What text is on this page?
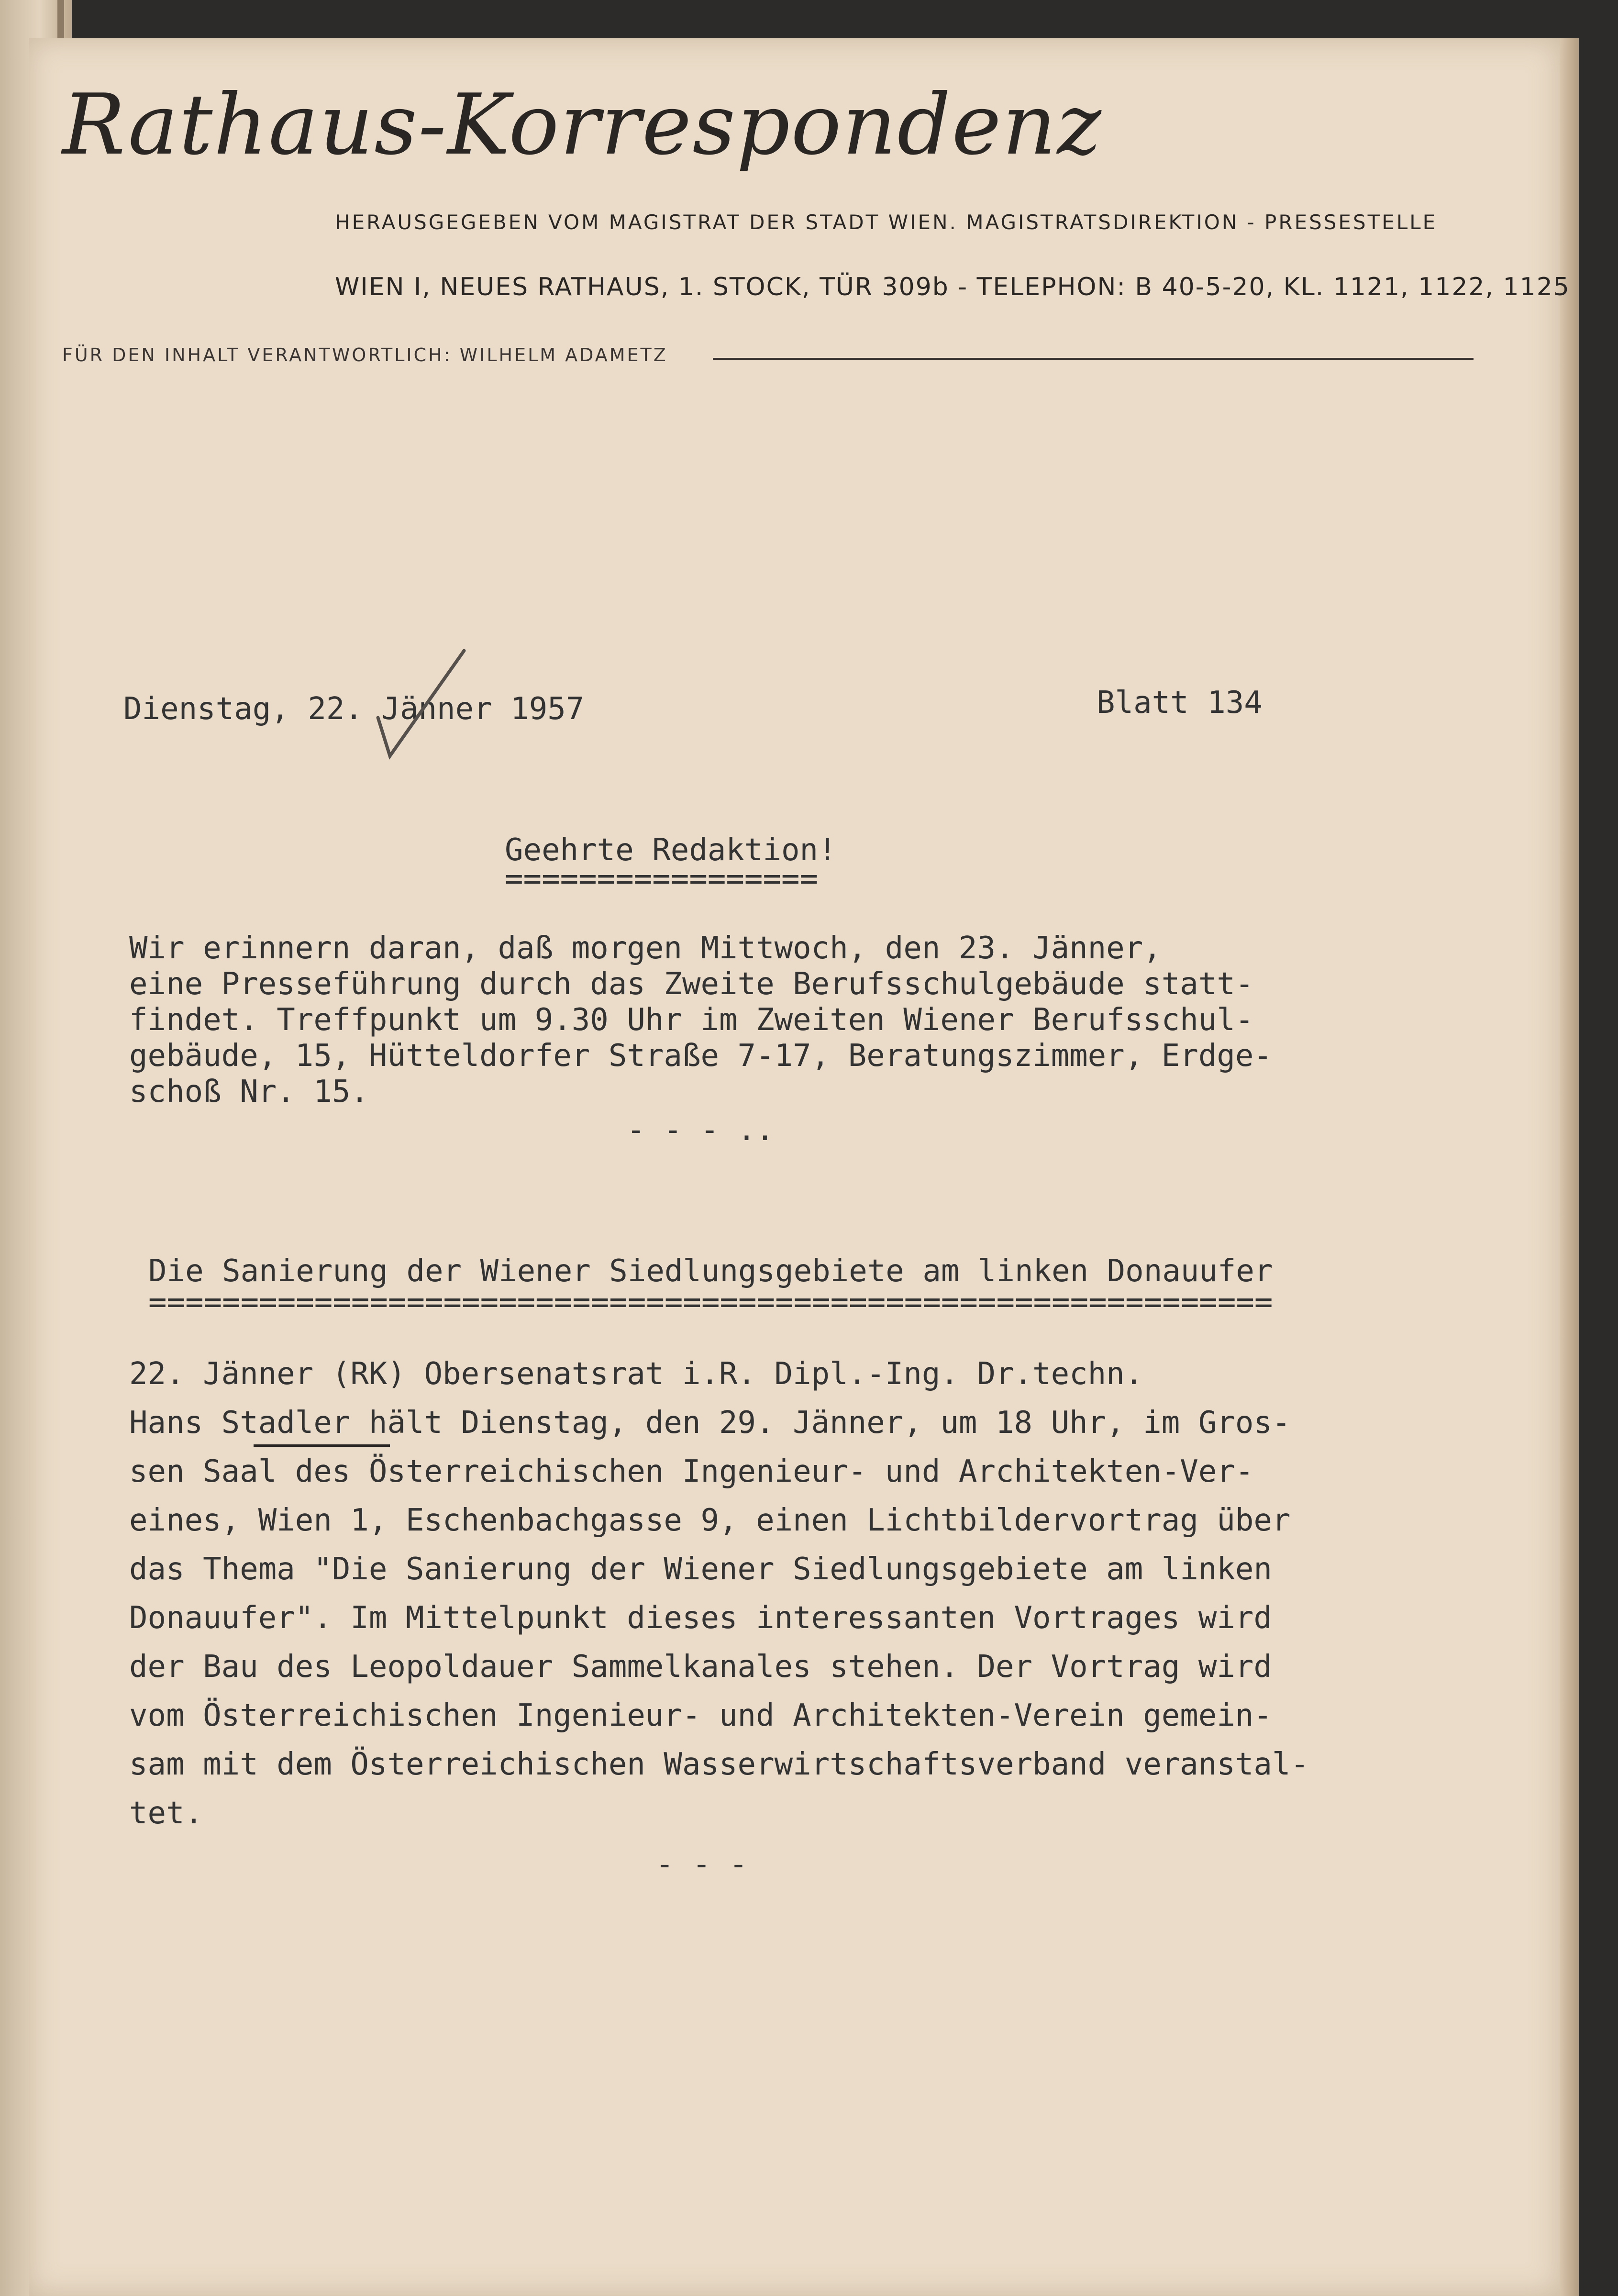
Rathaus-Korrespondenz
HERAUSGEGEBEN VOM MAGISTRAT DER STADT WIEN. MAGISTRATSDIREKTION - PRESSESTELLE
WIEN I, NEUES RATHAUS, 1. STOCK, TÜR 309b - TELEPHON: B 40-5-20, KL. 1121, 1122, 1125
FÜR DEN INHALT VERANTWORTLICH: WILHELM ADAMETZ
Dienstag, 22. Jänner 1957	Blatt 134
Geehrte Redaktion!
=================
Wir erinnern daran, daß morgen Mittwoch, den 23. Jänner,
eine Presseführung durch das Zweite Berufsschulgebäude statt-
findet. Treffpunkt um 9.30 Uhr im Zweiten Wiener Berufsschul-
gebäude, 15, Hütteldorfer Straße 7-17, Beratungszimmer, Erdge-
schoß Nr. 15.
- - - ..
Die Sanierung der Wiener Siedlungsgebiete am linken Donauufer
=============================================================
22. Jänner (RK) Obersenatsrat i.R. Dipl.-Ing. Dr.techn.
Hans Stadler hält Dienstag, den 29. Jänner, um 18 Uhr, im Gros-
sen Saal des Österreichischen Ingenieur- und Architekten-Ver-
eines, Wien 1, Eschenbachgasse 9, einen Lichtbildervortrag über
das Thema "Die Sanierung der Wiener Siedlungsgebiete am linken
Donauufer". Im Mittelpunkt dieses interessanten Vortrages wird
der Bau des Leopoldauer Sammelkanales stehen. Der Vortrag wird
vom Österreichischen Ingenieur- und Architekten-Verein gemein-
sam mit dem Österreichischen Wasserwirtschaftsverband veranstal-
tet.
- - -
